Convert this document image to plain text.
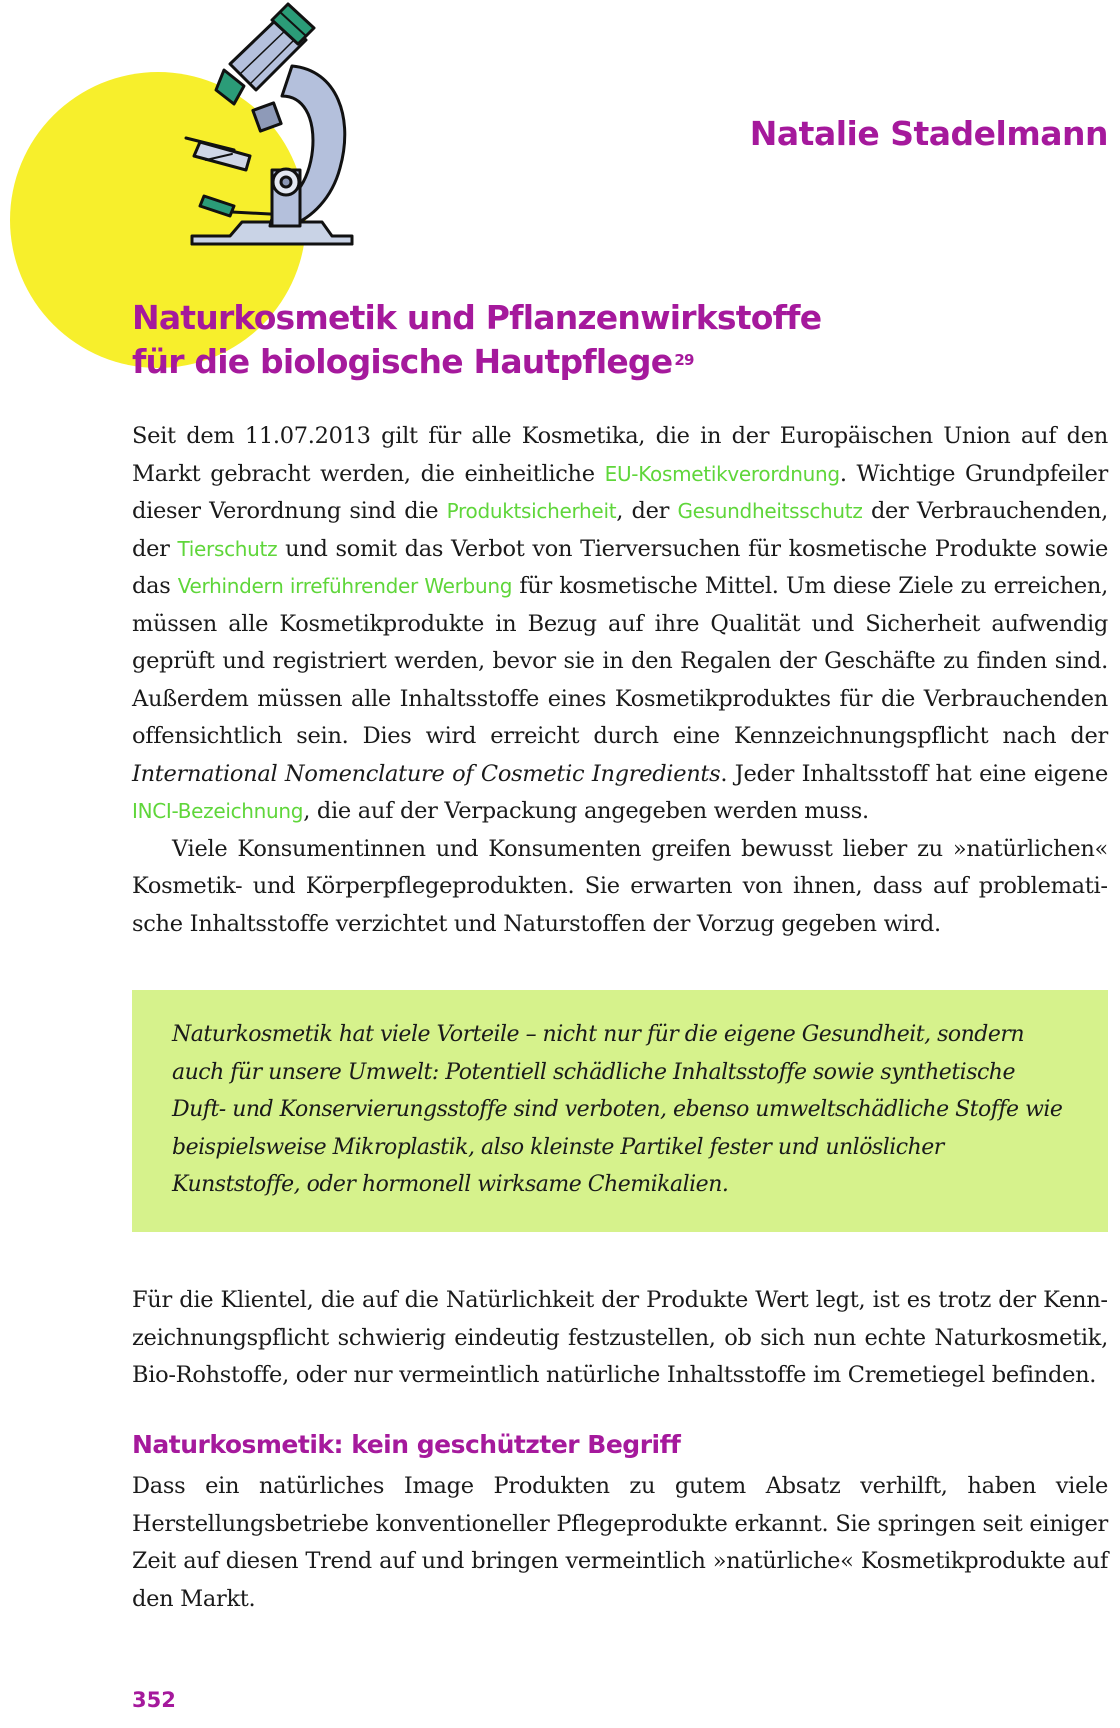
Natalie Stadelmann
Naturkosmetik und Pflanzenwirkstoffe
für die biologische Hautpflege $^{29}$

Seit dem 11.07.2013 gilt für alle Kosmetika, die in der Europäischen Union auf den Markt gebracht werden, die einheitliche EU-Kosmetikverordnung. Wichtige Grundpfeiler dieser Verordnung sind die Produktsicherheit, der Gesundheitsschutz der Verbrauchenden, der Tierschutz und somit das Verbot von Tierversuchen für kosmetische Produkte sowie das Verhindern irreführender Werbung für kosmetische Mittel. Um diese Ziele zu erreichen, müssen alle Kosmetikprodukte in Bezug auf ihre Qualität und Sicherheit aufwendig geprüft und registriert werden, bevor sie in den Regalen der Geschäfte zu finden sind. Außerdem müssen alle Inhaltsstoffe eines Kosmetikproduktes für die Verbrauchenden offensichtlich sein. Dies wird erreicht durch eine Kennzeichnungspflicht nach der International Nomenclature of Cosmetic Ingredients. Jeder Inhaltsstoff hat eine eigene INCI-Bezeichnung, die auf der Verpackung angegeben werden muss.

Viele Konsumentinnen und Konsumenten greifen bewusst lieber zu »natürlichen« Kosmetik- und Körperpflegeprodukten. Sie erwarten von ihnen, dass auf problematische Inhaltsstoffe verzichtet und Naturstoffen der Vorzug gegeben wird.

Naturkosmetik hat viele Vorteile – nicht nur für die eigene Gesundheit, sondern auch für unsere Umwelt: Potentiell schädliche Inhaltsstoffe sowie synthetische Duft- und Konservierungsstoffe sind verboten, ebenso umweltschädliche Stoffe wie beispielsweise Mikroplastik, also kleinste Partikel fester und unlöslicher Kunststoffe, oder hormonell wirksame Chemikalien.

Für die Klientel, die auf die Natürlichkeit der Produkte Wert legt, ist es trotz der Kennzeichnungspflicht schwierig eindeutig festzustellen, ob sich nun echte Naturkosmetik, Bio-Rohstoffe, oder nur vermeintlich natürliche Inhaltsstoffe im Cremetiegel befinden.

Naturkosmetik: kein geschützter Begriff

Dass ein natürliches Image Produkten zu gutem Absatz verhilft, haben viele Herstellungsbetriebe konventioneller Pflegeprodukte erkannt. Sie springen seit einiger Zeit auf diesen Trend auf und bringen vermeintlich »natürliche« Kosmetikprodukte auf den Markt.

352
